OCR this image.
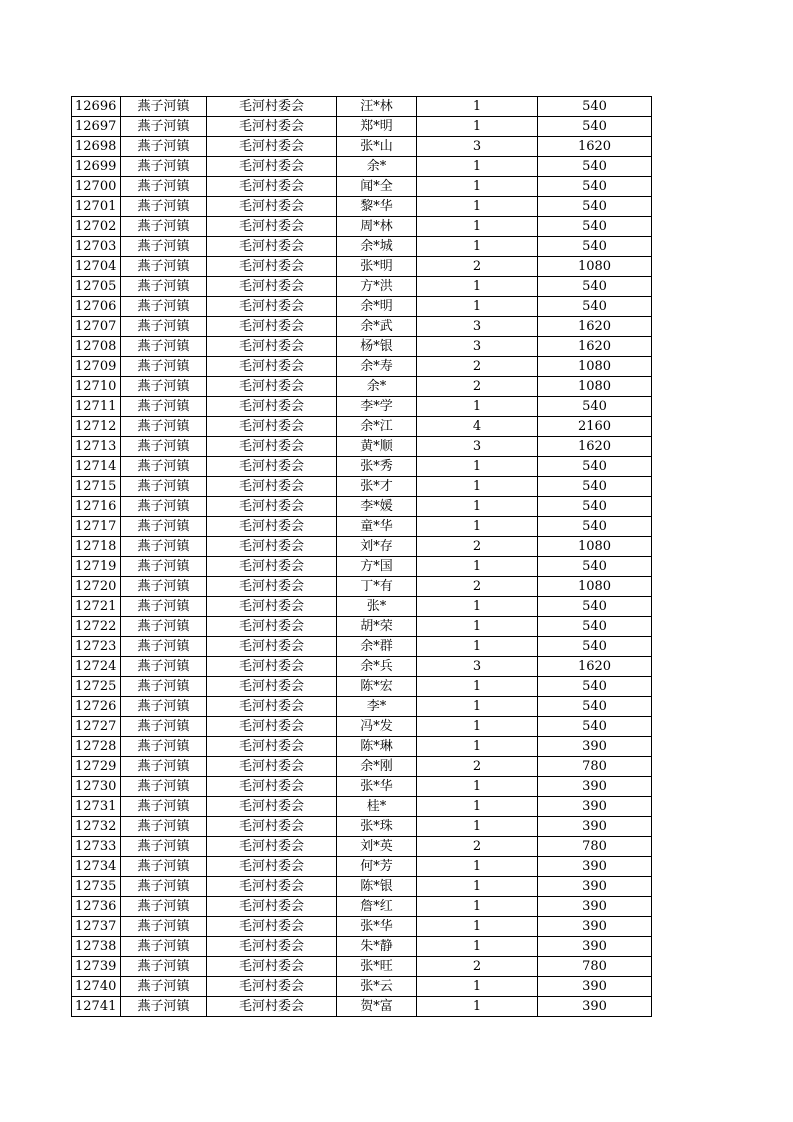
12696	燕子河镇	毛河村委会	汪*林	1	540
12697	燕子河镇	毛河村委会	郑*明	1	540
12698	燕子河镇	毛河村委会	张*山	3	1620
12699	燕子河镇	毛河村委会	余*	1	540
12700	燕子河镇	毛河村委会	闻*全	1	540
12701	燕子河镇	毛河村委会	黎*华	1	540
12702	燕子河镇	毛河村委会	周*林	1	540
12703	燕子河镇	毛河村委会	余*城	1	540
12704	燕子河镇	毛河村委会	张*明	2	1080
12705	燕子河镇	毛河村委会	方*洪	1	540
12706	燕子河镇	毛河村委会	余*明	1	540
12707	燕子河镇	毛河村委会	余*武	3	1620
12708	燕子河镇	毛河村委会	杨*银	3	1620
12709	燕子河镇	毛河村委会	余*寿	2	1080
12710	燕子河镇	毛河村委会	余*	2	1080
12711	燕子河镇	毛河村委会	李*学	1	540
12712	燕子河镇	毛河村委会	余*江	4	2160
12713	燕子河镇	毛河村委会	黄*顺	3	1620
12714	燕子河镇	毛河村委会	张*秀	1	540
12715	燕子河镇	毛河村委会	张*才	1	540
12716	燕子河镇	毛河村委会	李*媛	1	540
12717	燕子河镇	毛河村委会	童*华	1	540
12718	燕子河镇	毛河村委会	刘*存	2	1080
12719	燕子河镇	毛河村委会	方*国	1	540
12720	燕子河镇	毛河村委会	丁*有	2	1080
12721	燕子河镇	毛河村委会	张*	1	540
12722	燕子河镇	毛河村委会	胡*荣	1	540
12723	燕子河镇	毛河村委会	余*群	1	540
12724	燕子河镇	毛河村委会	余*兵	3	1620
12725	燕子河镇	毛河村委会	陈*宏	1	540
12726	燕子河镇	毛河村委会	李*	1	540
12727	燕子河镇	毛河村委会	冯*发	1	540
12728	燕子河镇	毛河村委会	陈*琳	1	390
12729	燕子河镇	毛河村委会	余*刚	2	780
12730	燕子河镇	毛河村委会	张*华	1	390
12731	燕子河镇	毛河村委会	桂*	1	390
12732	燕子河镇	毛河村委会	张*珠	1	390
12733	燕子河镇	毛河村委会	刘*英	2	780
12734	燕子河镇	毛河村委会	何*芳	1	390
12735	燕子河镇	毛河村委会	陈*银	1	390
12736	燕子河镇	毛河村委会	詹*红	1	390
12737	燕子河镇	毛河村委会	张*华	1	390
12738	燕子河镇	毛河村委会	朱*静	1	390
12739	燕子河镇	毛河村委会	张*旺	2	780
12740	燕子河镇	毛河村委会	张*云	1	390
12741	燕子河镇	毛河村委会	贺*富	1	390
